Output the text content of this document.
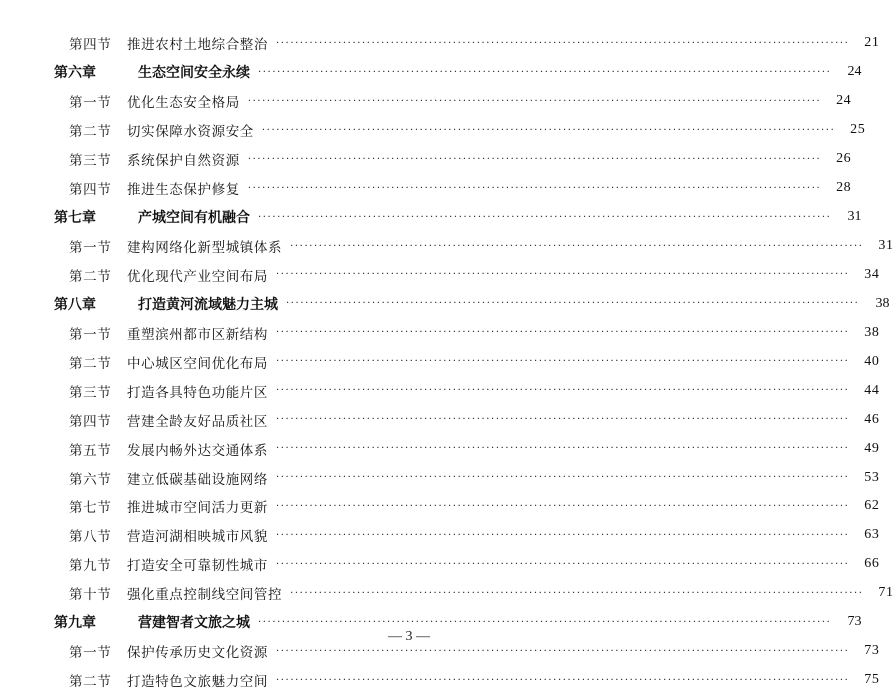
第四节	推进农村土地综合整治 ························································································································	21
第六章	生态空间安全永续 ························································································································	24
第一节	优化生态安全格局 ························································································································	24
第二节	切实保障水资源安全 ························································································································	25
第三节	系统保护自然资源 ························································································································	26
第四节	推进生态保护修复 ························································································································	28
第七章	产城空间有机融合 ························································································································	31
第一节	建构网络化新型城镇体系 ························································································································	31
第二节	优化现代产业空间布局 ························································································································	34
第八章	打造黄河流域魅力主城 ························································································································	38
第一节	重塑滨州都市区新结构 ························································································································	38
第二节	中心城区空间优化布局 ························································································································	40
第三节	打造各具特色功能片区 ························································································································	44
第四节	营建全龄友好品质社区 ························································································································	46
第五节	发展内畅外达交通体系 ························································································································	49
第六节	建立低碳基础设施网络 ························································································································	53
第七节	推进城市空间活力更新 ························································································································	62
第八节	营造河湖相映城市风貌 ························································································································	63
第九节	打造安全可靠韧性城市 ························································································································	66
第十节	强化重点控制线空间管控 ························································································································	71
第九章	营建智者文旅之城 ························································································································	73
第一节	保护传承历史文化资源 ························································································································	73
第二节	打造特色文旅魅力空间 ························································································································	75
— 3 —
